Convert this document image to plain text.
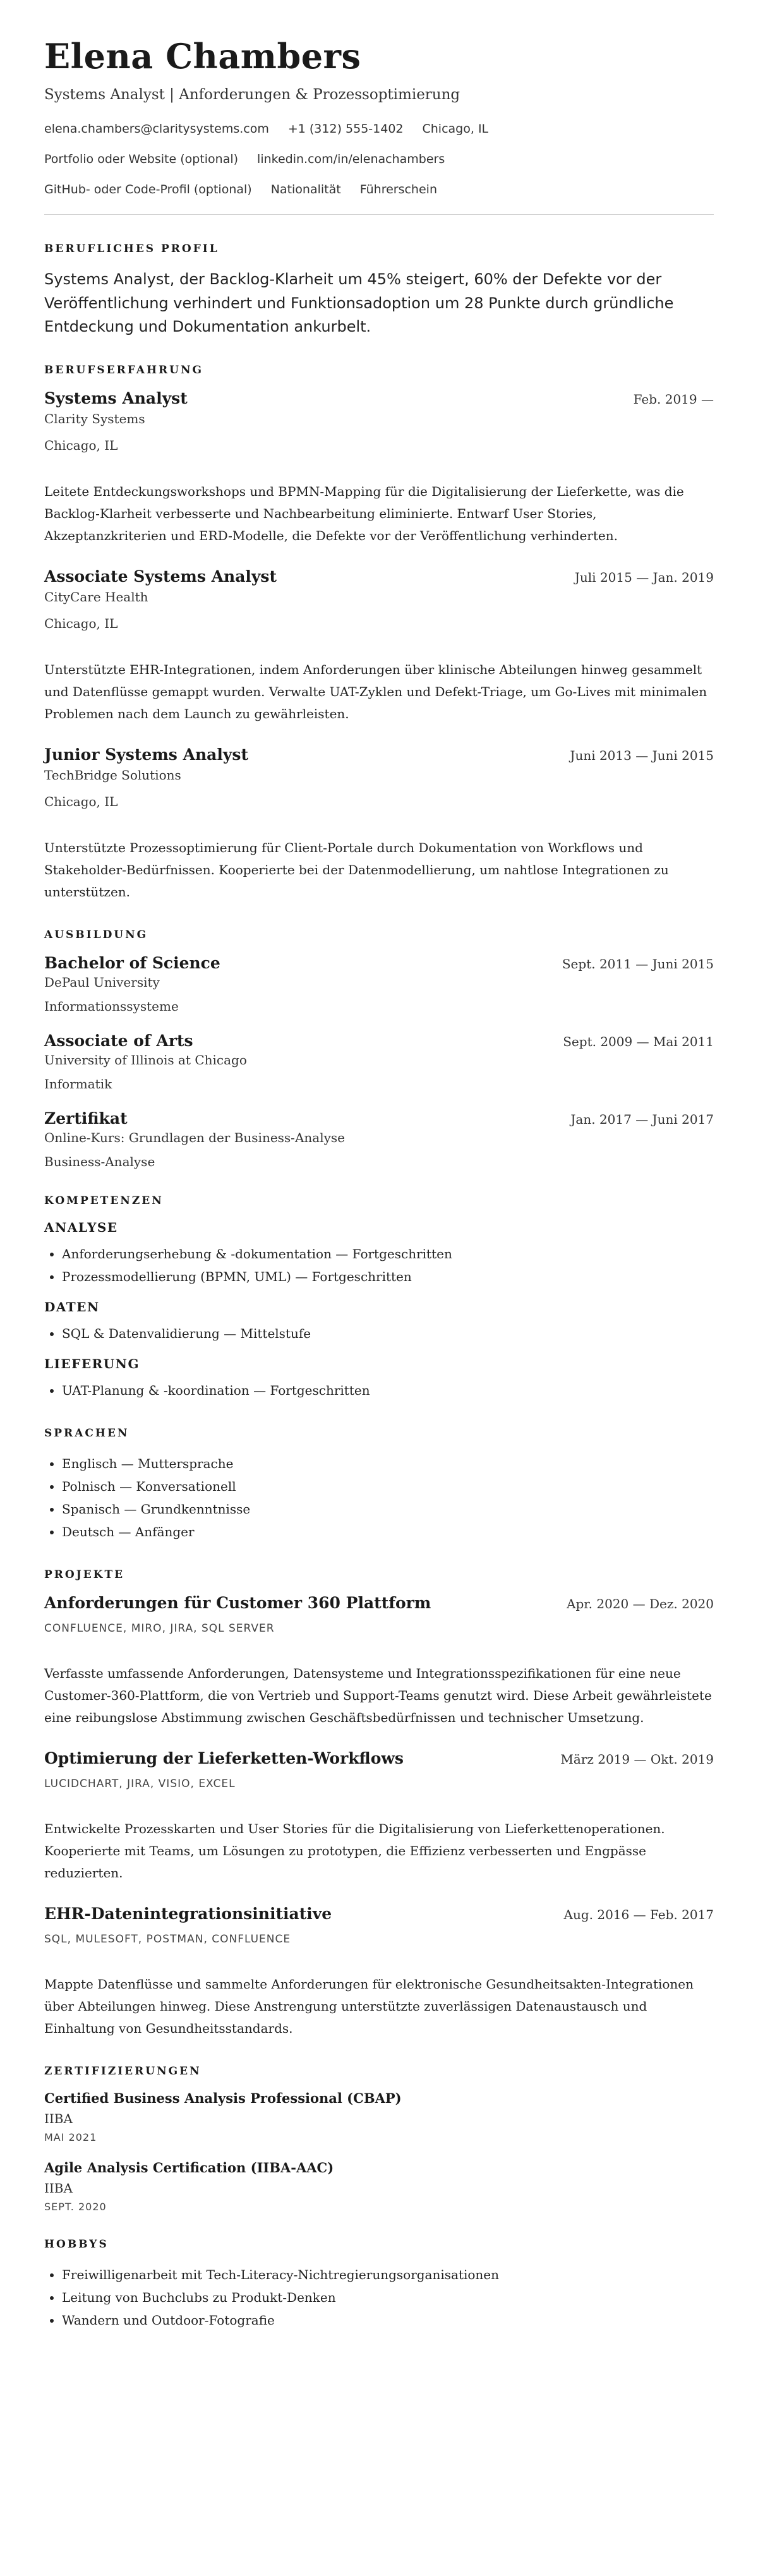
Elena Chambers
Systems Analyst | Anforderungen & Prozessoptimierung
elena.chambers@claritysystems.com +1 (312) 555-1402 Chicago, IL
Portfolio oder Website (optional) linkedin.com/in/elenachambers
GitHub- oder Code-Profil (optional) Nationalität Führerschein
BERUFLICHES PROFIL

Systems Analyst, der Backlog-Klarheit um 45% steigert, 60% der Defekte vor der Veröffentlichung verhindert und Funktionsadoption um 28 Punkte durch gründliche Entdeckung und Dokumentation ankurbelt.

BERUFSERFAHRUNG
Systems Analyst	Feb. 2019 —
Clarity Systems
Chicago, IL
Leitete Entdeckungsworkshops und BPMN-Mapping für die Digitalisierung der Lieferkette, was die Backlog-Klarheit verbesserte und Nachbearbeitung eliminierte. Entwarf User Stories, Akzeptanzkriterien und ERD-Modelle, die Defekte vor der Veröffentlichung verhinderten.
Associate Systems Analyst	Juli 2015 — Jan. 2019
CityCare Health
Chicago, IL
Unterstützte EHR-Integrationen, indem Anforderungen über klinische Abteilungen hinweg gesammelt und Datenflüsse gemappt wurden. Verwalte UAT-Zyklen und Defekt-Triage, um Go-Lives mit minimalen Problemen nach dem Launch zu gewährleisten.
Junior Systems Analyst	Juni 2013 — Juni 2015
TechBridge Solutions
Chicago, IL
Unterstützte Prozessoptimierung für Client-Portale durch Dokumentation von Workflows und Stakeholder-Bedürfnissen. Kooperierte bei der Datenmodellierung, um nahtlose Integrationen zu unterstützen.
AUSBILDUNG
Bachelor of Science	Sept. 2011 — Juni 2015
DePaul University
Informationssysteme
Associate of Arts	Sept. 2009 — Mai 2011
University of Illinois at Chicago
Informatik
Zertifikat	Jan. 2017 — Juni 2017
Online-Kurs: Grundlagen der Business-Analyse
Business-Analyse
KOMPETENZEN
ANALYSE
• Anforderungserhebung & -dokumentation — Fortgeschritten
• Prozessmodellierung (BPMN, UML) — Fortgeschritten
DATEN
• SQL & Datenvalidierung — Mittelstufe
LIEFERUNG
• UAT-Planung & -koordination — Fortgeschritten
SPRACHEN
• Englisch — Muttersprache
• Polnisch — Konversationell
• Spanisch — Grundkenntnisse
• Deutsch — Anfänger
PROJEKTE
Anforderungen für Customer 360 Plattform	Apr. 2020 — Dez. 2020
CONFLUENCE, MIRO, JIRA, SQL SERVER
Verfasste umfassende Anforderungen, Datensysteme und Integrationsspezifikationen für eine neue Customer-360-Plattform, die von Vertrieb und Support-Teams genutzt wird. Diese Arbeit gewährleistete eine reibungslose Abstimmung zwischen Geschäftsbedürfnissen und technischer Umsetzung.
Optimierung der Lieferketten-Workflows	März 2019 — Okt. 2019
LUCIDCHART, JIRA, VISIO, EXCEL
Entwickelte Prozesskarten und User Stories für die Digitalisierung von Lieferkettenoperationen. Kooperierte mit Teams, um Lösungen zu prototypen, die Effizienz verbesserten und Engpässe reduzierten.
EHR-Datenintegrationsinitiative	Aug. 2016 — Feb. 2017
SQL, MULESOFT, POSTMAN, CONFLUENCE
Mappte Datenflüsse und sammelte Anforderungen für elektronische Gesundheitsakten-Integrationen über Abteilungen hinweg. Diese Anstrengung unterstützte zuverlässigen Datenaustausch und Einhaltung von Gesundheitsstandards.
ZERTIFIZIERUNGEN
Certified Business Analysis Professional (CBAP)
IIBA
MAI 2021
Agile Analysis Certification (IIBA-AAC)
IIBA
SEPT. 2020
HOBBYS
• Freiwilligenarbeit mit Tech-Literacy-Nichtregierungsorganisationen
• Leitung von Buchclubs zu Produkt-Denken
• Wandern und Outdoor-Fotografie
